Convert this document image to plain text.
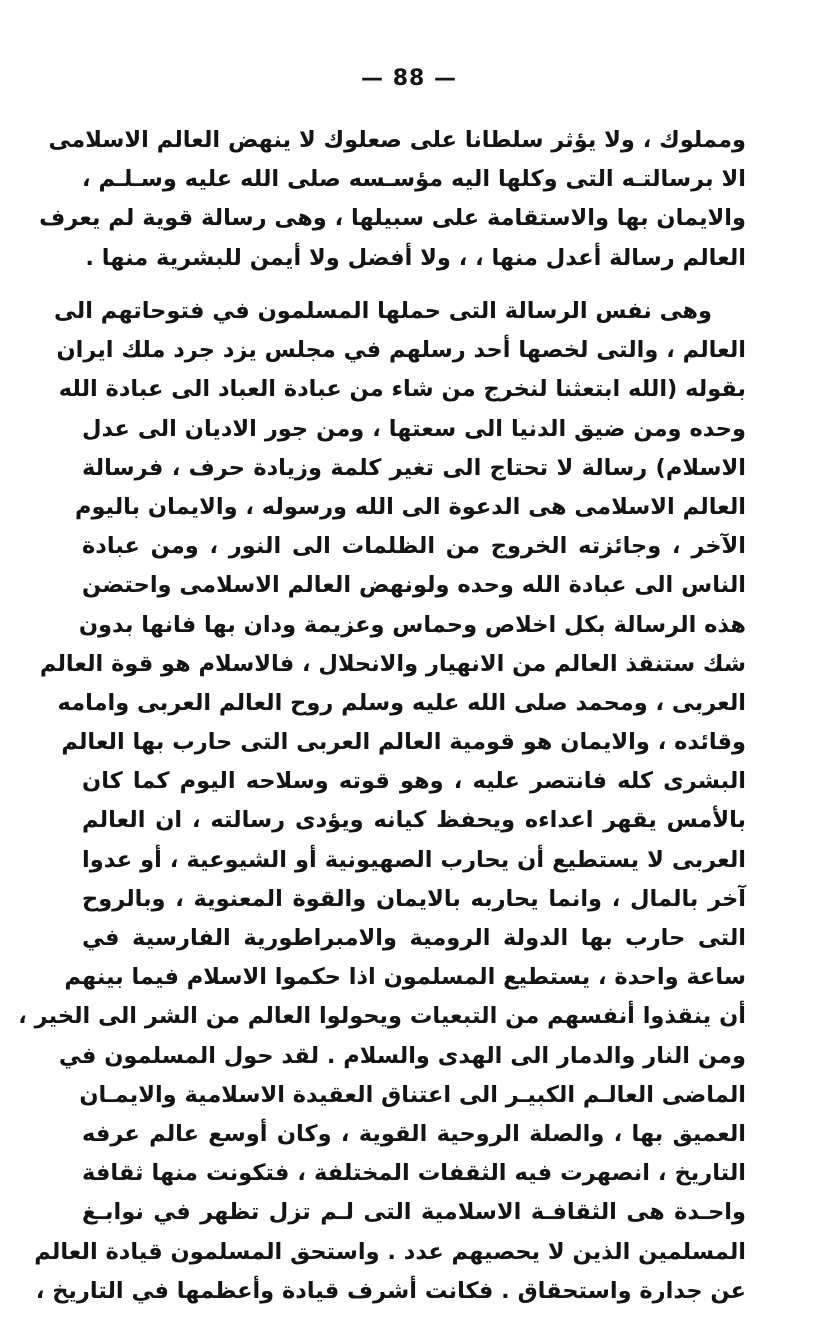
— 88 —
ومملوك ، ولا يؤثر سلطانا على صعلوك لا ينهض العالم الاسلامى
الا برسالتـه التى وكلها اليه مؤسـسه صلى الله عليه وسـلـم ،
والايمان بها والاستقامة على سبيلها ، وهى رسالة قوية لم يعرف
العالم رسالة أعدل منها ، ، ولا أفضل ولا أيمن للبشرية منها .
وهى نفس الرسالة التى حملها المسلمون في فتوحاتهم الى
العالم ، والتى لخصها أحد رسلهم في مجلس يزد جرد ملك ايران
بقوله (الله ابتعثنا لنخرج من شاء من عبادة العباد الى عبادة الله
وحده ومن ضيق الدنيا الى سعتها ، ومن جور الاديان الى عدل
الاسلام) رسالة لا تحتاج الى تغير كلمة وزيادة حرف ، فرسالة
العالم الاسلامى هى الدعوة الى الله ورسوله ، والايمان باليوم
الآخر ، وجائزته الخروج من الظلمات الى النور ، ومن عبادة
الناس الى عبادة الله وحده ولونهض العالم الاسلامى واحتضن
هذه الرسالة بكل اخلاص وحماس وعزيمة ودان بها فانها بدون
شك ستنقذ العالم من الانهيار والانحلال ، فالاسلام هو قوة العالم
العربى ، ومحمد صلى الله عليه وسلم روح العالم العربى وامامه
وقائده ، والايمان هو قومية العالم العربى التى حارب بها العالم
البشرى كله فانتصر عليه ، وهو قوته وسلاحه اليوم كما كان
بالأمس يقهر اعداءه ويحفظ كيانه ويؤدى رسالته ، ان العالم
العربى لا يستطيع أن يحارب الصهيونية أو الشيوعية ، أو عدوا
آخر بالمال ، وانما يحاربه بالايمان والقوة المعنوية ، وبالروح
التى حارب بها الدولة الرومية والامبراطورية الفارسية في
ساعة واحدة ، يستطيع المسلمون اذا حكموا الاسلام فيما بينهم
أن ينقذوا أنفسهم من التبعيات ويحولوا العالم من الشر الى الخير ،
ومن النار والدمار الى الهدى والسلام . لقد حول المسلمون في
الماضى العالـم الكبيـر الى اعتناق العقيدة الاسلامية والايمـان
العميق بها ، والصلة الروحية القوية ، وكان أوسع عالم عرفه
التاريخ ، انصهرت فيه الثقفات المختلفة ، فتكونت منها ثقافة
واحـدة هى الثقافـة الاسلامية التى لـم تزل تظهر في نوابـغ
المسلمين الذين لا يحصيهم عدد . واستحق المسلمون قيادة العالم
عن جدارة واستحقاق . فكانت أشرف قيادة وأعظمها في التاريخ ،
